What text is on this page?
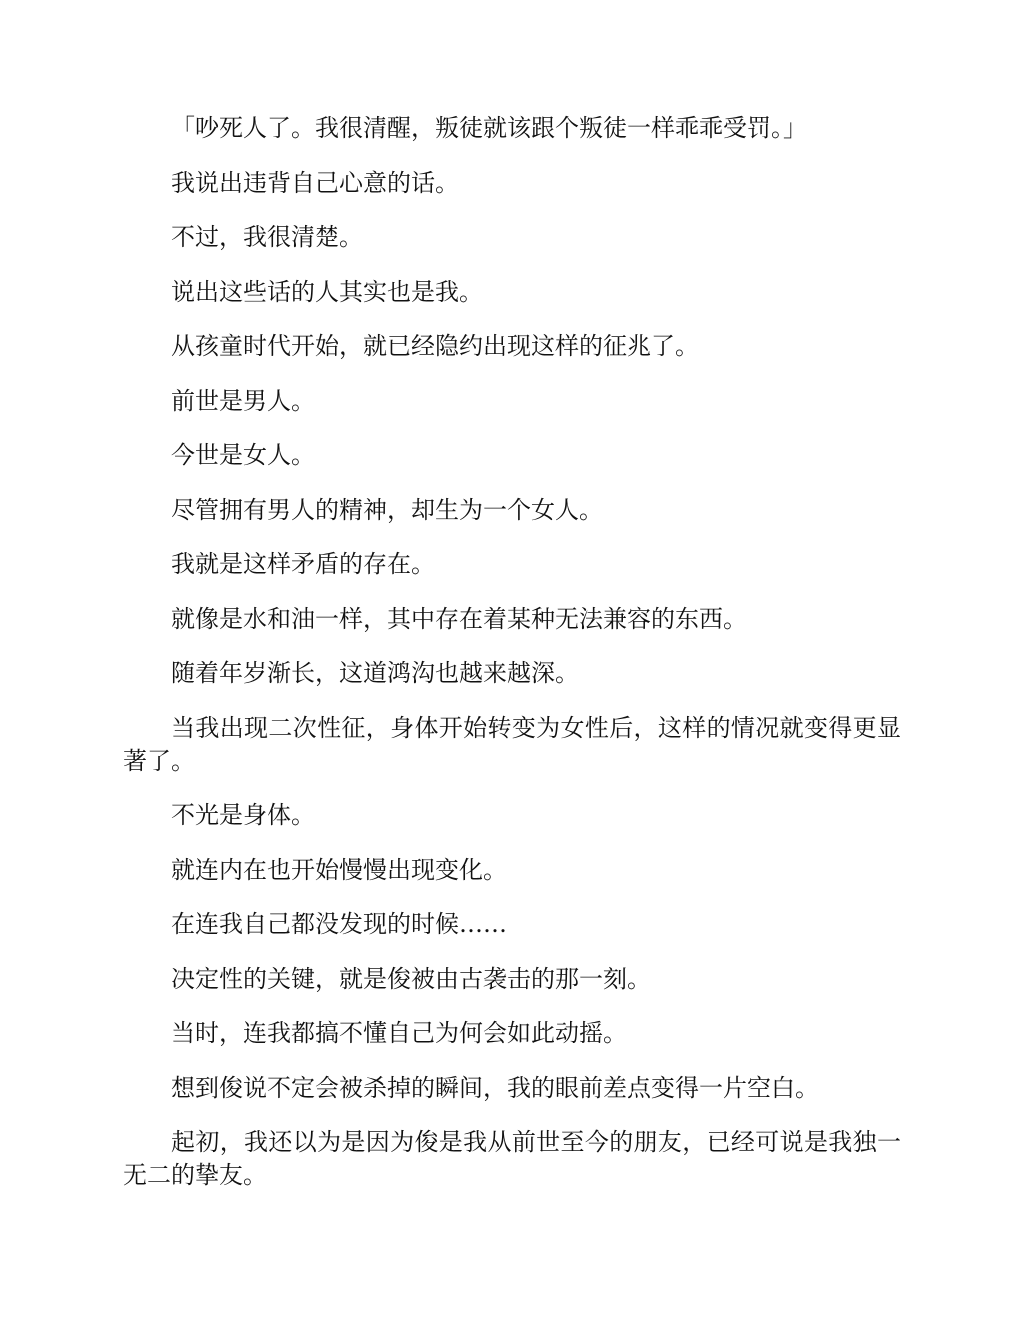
「吵死人了。我很清醒，叛徒就该跟个叛徒一样乖乖受罚。」

我说出违背自己心意的话。

不过，我很清楚。

说出这些话的人其实也是我。

从孩童时代开始，就已经隐约出现这样的征兆了。

前世是男人。

今世是女人。

尽管拥有男人的精神，却生为一个女人。

我就是这样矛盾的存在。

就像是水和油一样，其中存在着某种无法兼容的东西。

随着年岁渐长，这道鸿沟也越来越深。

当我出现二次性征，身体开始转变为女性后，这样的情况就变得更显著了。

不光是身体。

就连内在也开始慢慢出现变化。

在连我自己都没发现的时候……

决定性的关键，就是俊被由古袭击的那一刻。

当时，连我都搞不懂自己为何会如此动摇。

想到俊说不定会被杀掉的瞬间，我的眼前差点变得一片空白。

起初，我还以为是因为俊是我从前世至今的朋友，已经可说是我独一无二的挚友。
